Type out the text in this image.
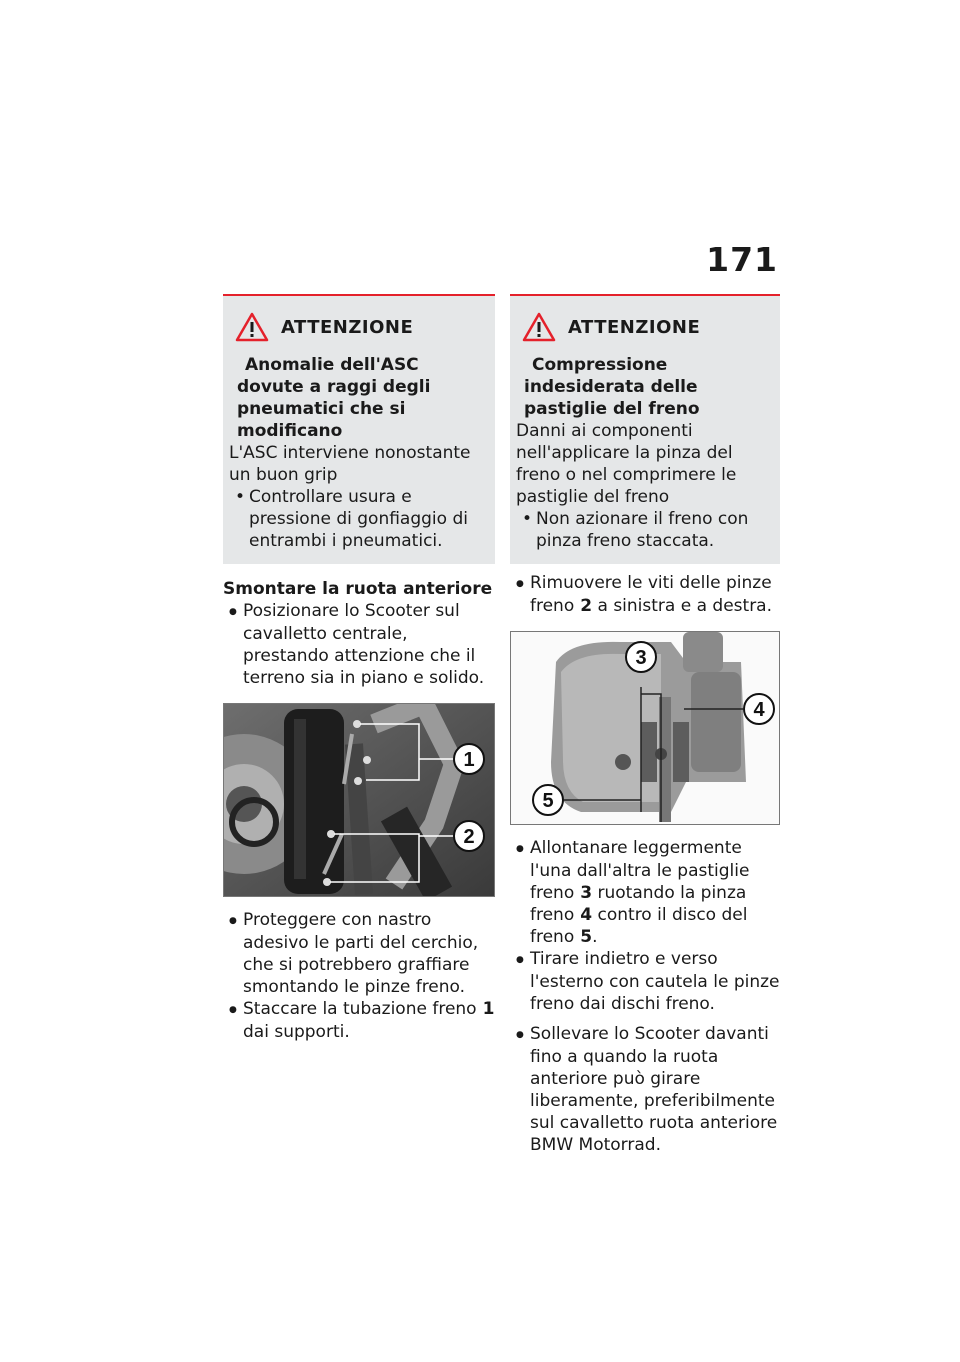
171
ATTENZIONE
Anomalie dell'ASC dovute a raggi degli pneumatici che si modificano
L'ASC interviene nonostante un buon grip
• Controllare usura e pressione di gonfiaggio di entrambi i pneumatici.
Smontare la ruota anteriore

● Posizionare lo Scooter sul cavalletto centrale, prestando attenzione che il terreno sia in piano e solido.

1
2

● Proteggere con nastro adesivo le parti del cerchio, che si potrebbero graffiare smontando le pinze freno.

● Staccare la tubazione freno 1 dai supporti.

ATTENZIONE
Compressione indesiderata delle pastiglie del freno
Danni ai componenti nell'applicare la pinza del freno o nel comprimere le pastiglie del freno
• Non azionare il freno con pinza freno staccata.

● Rimuovere le viti delle pinze freno 2 a sinistra e a destra.

3
4
5

● Allontanare leggermente l'una dall'altra le pastiglie freno 3 ruotando la pinza freno 4 contro il disco del freno 5.

● Tirare indietro e verso l'esterno con cautela le pinze freno dai dischi freno.

● Sollevare lo Scooter davanti fino a quando la ruota anteriore può girare liberamente, preferibilmente sul cavalletto ruota anteriore BMW Motorrad.
